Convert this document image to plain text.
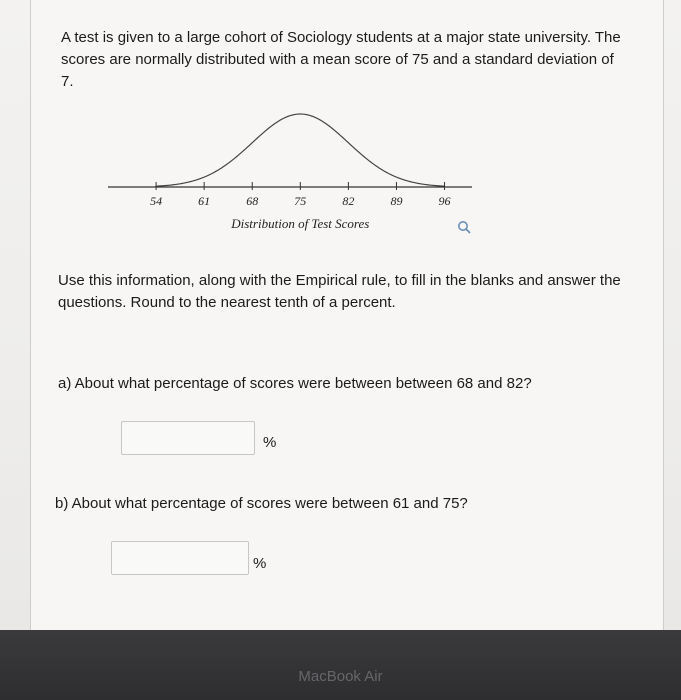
A test is given to a large cohort of Sociology students at a major state university. The scores are normally distributed with a mean score of 75 and a standard deviation of 7.

54	61	68	75	82	89	96
Distribution of Test Scores

Use this information, along with the Empirical rule, to fill in the blanks and answer the questions. Round to the nearest tenth of a percent.

a) About what percentage of scores were between between 68 and 82?

%

b) About what percentage of scores were between 61 and 75?

%
MacBook Air
